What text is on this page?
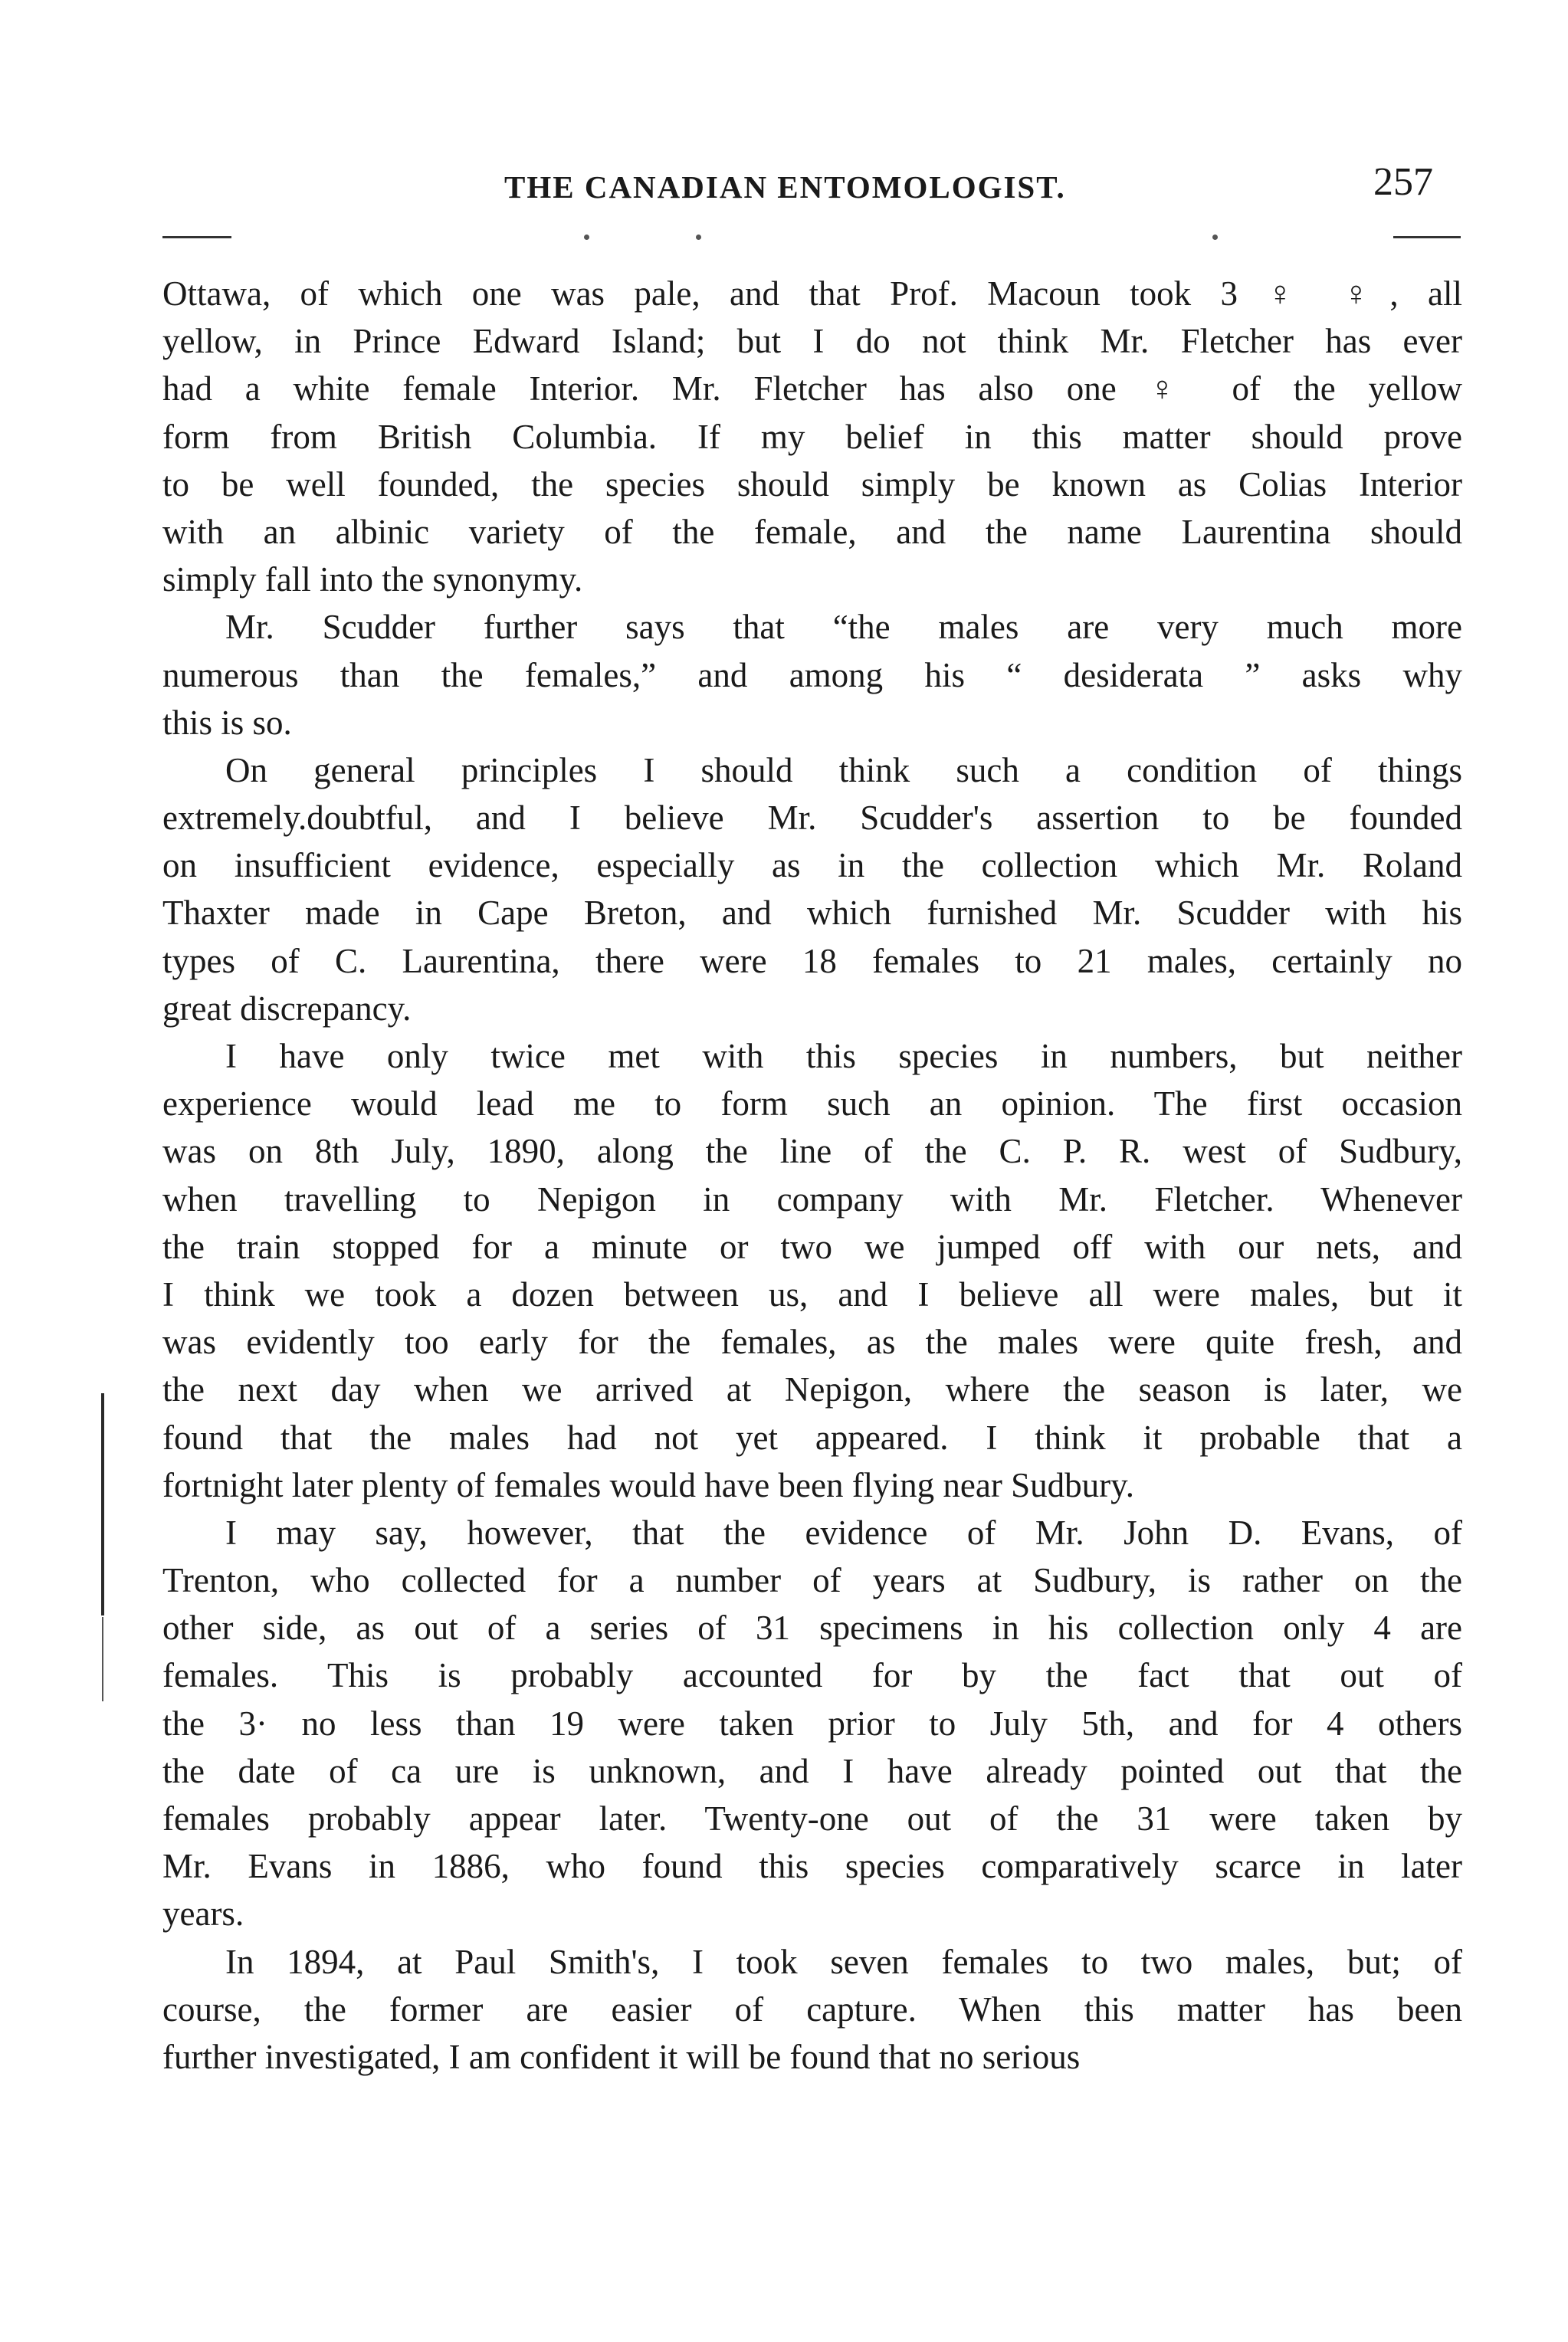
THE CANADIAN ENTOMOLOGIST.	257
Ottawa, of which one was pale, and that Prof. Macoun took 3 ♀ ♀, all
yellow, in Prince Edward Island; but I do not think Mr. Fletcher has ever
had a white female Interior. Mr. Fletcher has also one ♀ of the yellow
form from British Columbia. If my belief in this matter should prove
to be well founded, the species should simply be known as Colias Interior
with an albinic variety of the female, and the name Laurentina should
simply fall into the synonymy.
Mr. Scudder further says that “the males are very much more
numerous than the females,” and among his “ desiderata ” asks why
this is so.
On general principles I should think such a condition of things
extremely.doubtful, and I believe Mr. Scudder's assertion to be founded
on insufficient evidence, especially as in the collection which Mr. Roland
Thaxter made in Cape Breton, and which furnished Mr. Scudder with his
types of C. Laurentina, there were 18 females to 21 males, certainly no
great discrepancy.
I have only twice met with this species in numbers, but neither
experience would lead me to form such an opinion. The first occasion
was on 8th July, 1890, along the line of the C. P. R. west of Sudbury,
when travelling to Nepigon in company with Mr. Fletcher. Whenever
the train stopped for a minute or two we jumped off with our nets, and
I think we took a dozen between us, and I believe all were males, but it
was evidently too early for the females, as the males were quite fresh, and
the next day when we arrived at Nepigon, where the season is later, we
found that the males had not yet appeared. I think it probable that a
fortnight later plenty of females would have been flying near Sudbury.
I may say, however, that the evidence of Mr. John D. Evans, of
Trenton, who collected for a number of years at Sudbury, is rather on the
other side, as out of a series of 31 specimens in his collection only 4 are
females. This is probably accounted for by the fact that out of
the 3· no less than 19 were taken prior to July 5th, and for 4 others
the date of ca ure is unknown, and I have already pointed out that the
females probably appear later. Twenty-one out of the 31 were taken by
Mr. Evans in 1886, who found this species comparatively scarce in later
years.
In 1894, at Paul Smith's, I took seven females to two males, but; of
course, the former are easier of capture. When this matter has been
further investigated, I am confident it will be found that no serious
